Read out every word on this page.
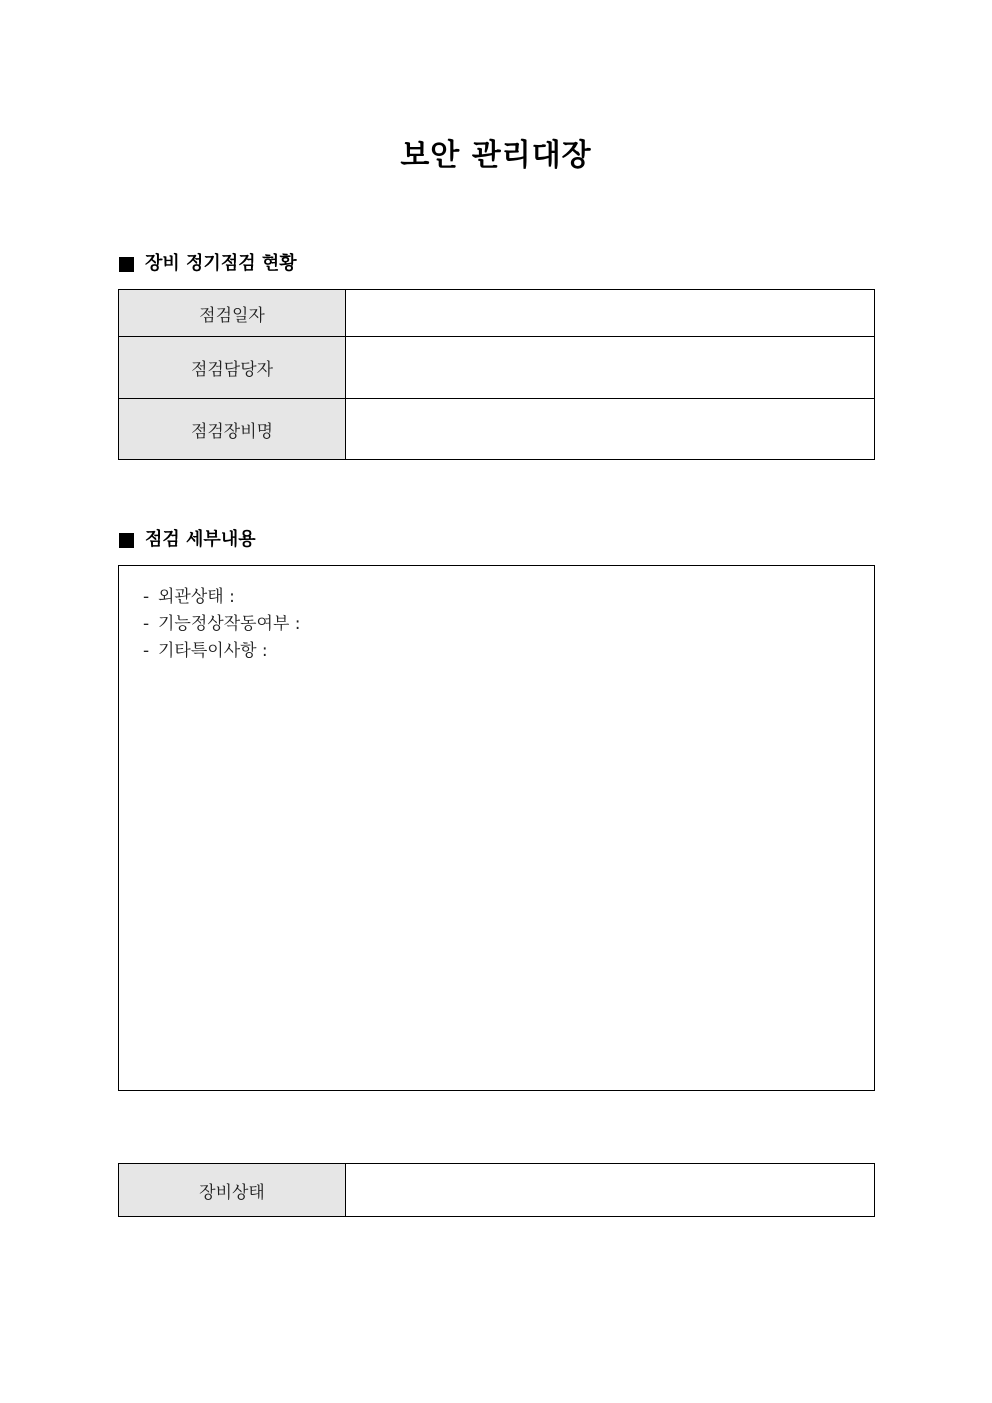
보안 관리대장
장비 정기점검 현황
점검일자	
점검담당자	
점검장비명	
점검 세부내용
- 외관상태 :
- 기능정상작동여부 :
- 기타특이사항 :
장비상태	
